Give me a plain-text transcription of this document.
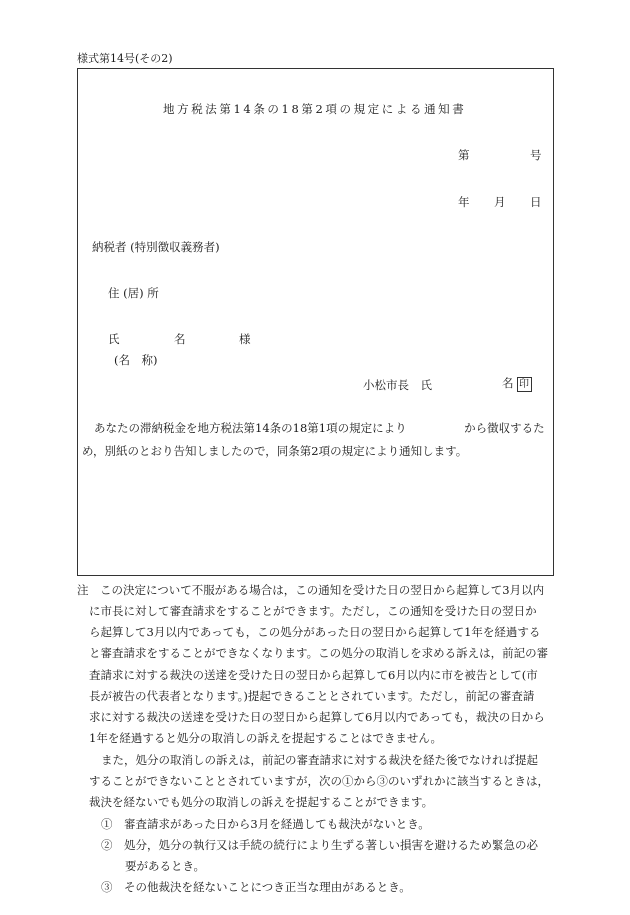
様式第14号(その2)
地方税法第14条の18第2項の規定による通知書
第	号
年 月 日
納税者 (特別徴収義務者)
住 (居) 所
氏	名	様
(名　称)
小松市長　氏	名 印
あなたの滞納税金を地方税法第14条の18第1項の規定により　　　　　から徴収するた
め，別紙のとおり告知しましたので，同条第2項の規定により通知します。
注　この決定について不服がある場合は，この通知を受けた日の翌日から起算して3月以内
に市長に対して審査請求をすることができます。ただし，この通知を受けた日の翌日か
ら起算して3月以内であっても，この処分があった日の翌日から起算して1年を経過する
と審査請求をすることができなくなります。この処分の取消しを求める訴えは，前記の審
査請求に対する裁決の送達を受けた日の翌日から起算して6月以内に市を被告として(市
長が被告の代表者となります。)提起できることとされています。ただし，前記の審査請
求に対する裁決の送達を受けた日の翌日から起算して6月以内であっても，裁決の日から
1年を経過すると処分の取消しの訴えを提起することはできません。
また，処分の取消しの訴えは，前記の審査請求に対する裁決を経た後でなければ提起
することができないこととされていますが，次の①から③のいずれかに該当するときは，
裁決を経ないでも処分の取消しの訴えを提起することができます。
①　審査請求があった日から3月を経過しても裁決がないとき。
②　処分，処分の執行又は手続の続行により生ずる著しい損害を避けるため緊急の必
要があるとき。
③　その他裁決を経ないことにつき正当な理由があるとき。
